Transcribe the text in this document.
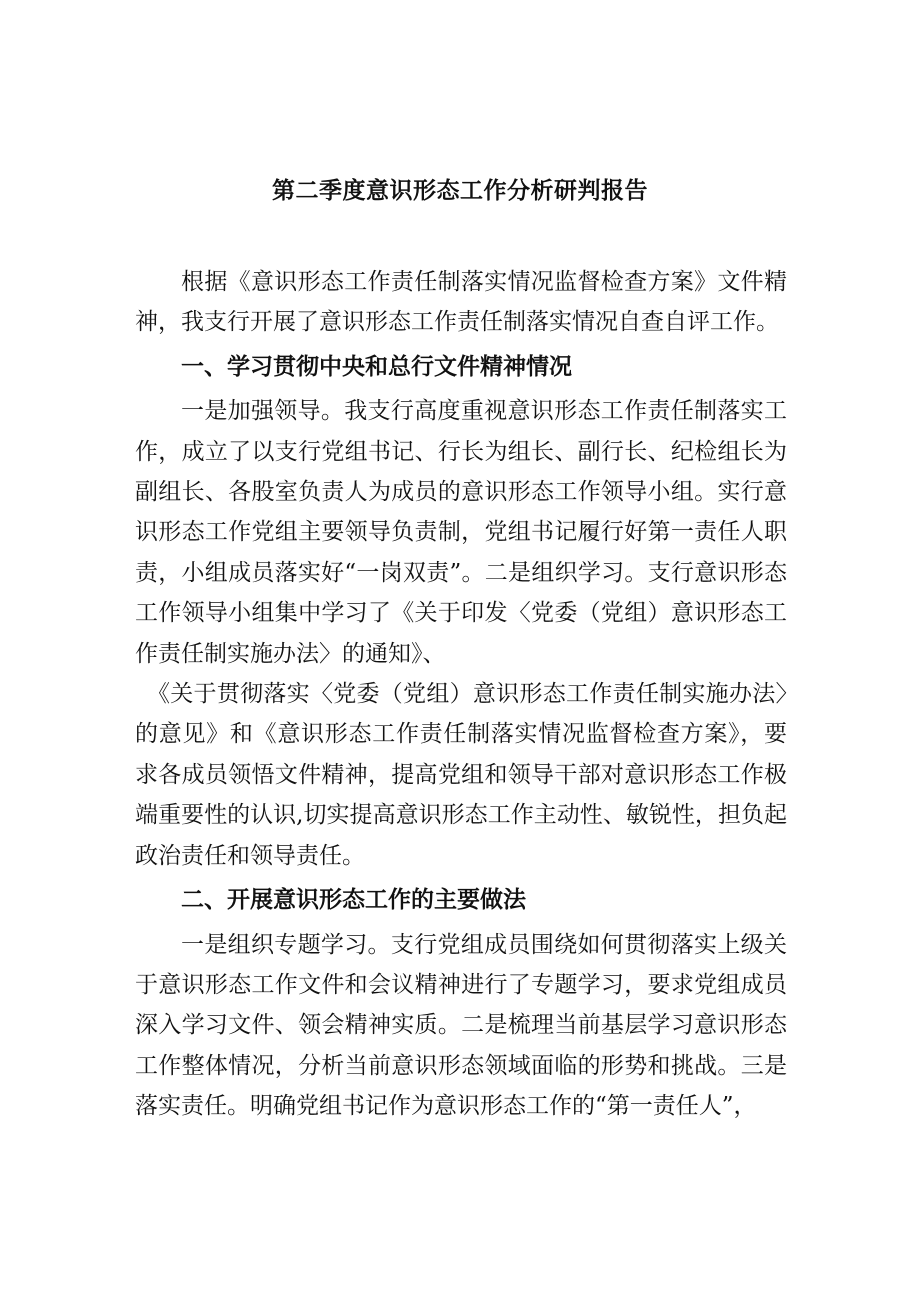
第二季度意识形态工作分析研判报告

根据《意识形态工作责任制落实情况监督检查方案》文件精神，我支行开展了意识形态工作责任制落实情况自查自评工作。

一、学习贯彻中央和总行文件精神情况

一是加强领导。我支行高度重视意识形态工作责任制落实工作，成立了以支行党组书记、行长为组长、副行长、纪检组长为副组长、各股室负责人为成员的意识形态工作领导小组。实行意识形态工作党组主要领导负责制，党组书记履行好第一责任人职责，小组成员落实好“一岗双责”。二是组织学习。支行意识形态工作领导小组集中学习了《关于印发〈党委（党组）意识形态工作责任制实施办法〉的通知》、

《关于贯彻落实〈党委（党组）意识形态工作责任制实施办法〉的意见》和《意识形态工作责任制落实情况监督检查方案》，要求各成员领悟文件精神，提高党组和领导干部对意识形态工作极端重要性的认识,切实提高意识形态工作主动性、敏锐性，担负起政治责任和领导责任。

二、开展意识形态工作的主要做法

一是组织专题学习。支行党组成员围绕如何贯彻落实上级关于意识形态工作文件和会议精神进行了专题学习，要求党组成员深入学习文件、领会精神实质。二是梳理当前基层学习意识形态工作整体情况，分析当前意识形态领域面临的形势和挑战。三是落实责任。明确党组书记作为意识形态工作的“第一责任人”，
